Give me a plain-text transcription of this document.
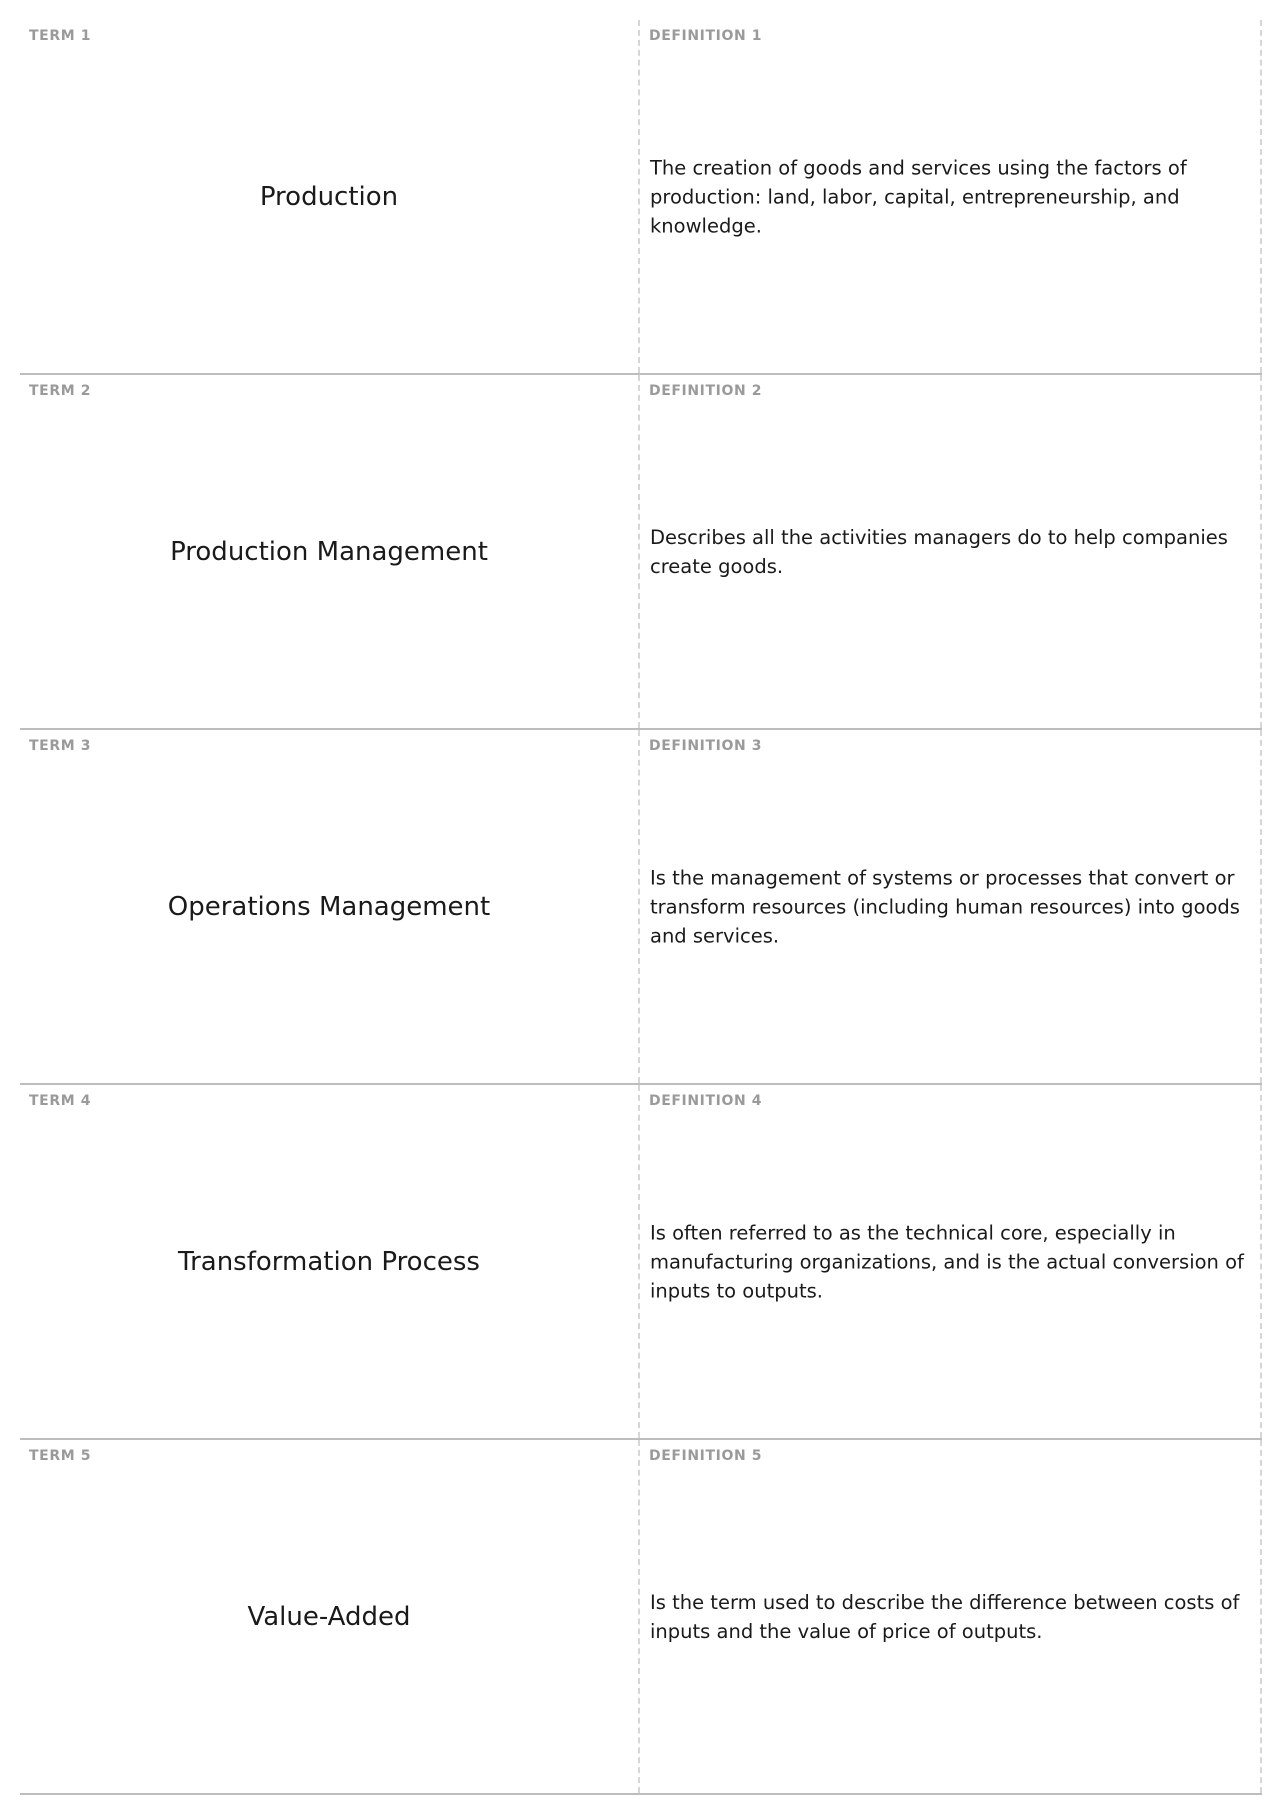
TERM 1
Production
DEFINITION 1
The creation of goods and services using the factors of production: land, labor, capital, entrepreneurship, and knowledge.
TERM 2
Production Management
DEFINITION 2
Describes all the activities managers do to help companies create goods.
TERM 3
Operations Management
DEFINITION 3
Is the management of systems or processes that convert or transform resources (including human resources) into goods and services.
TERM 4
Transformation Process
DEFINITION 4
Is often referred to as the technical core, especially in manufacturing organizations, and is the actual conversion of inputs to outputs.
TERM 5
Value-Added
DEFINITION 5
Is the term used to describe the difference between costs of inputs and the value of price of outputs.
